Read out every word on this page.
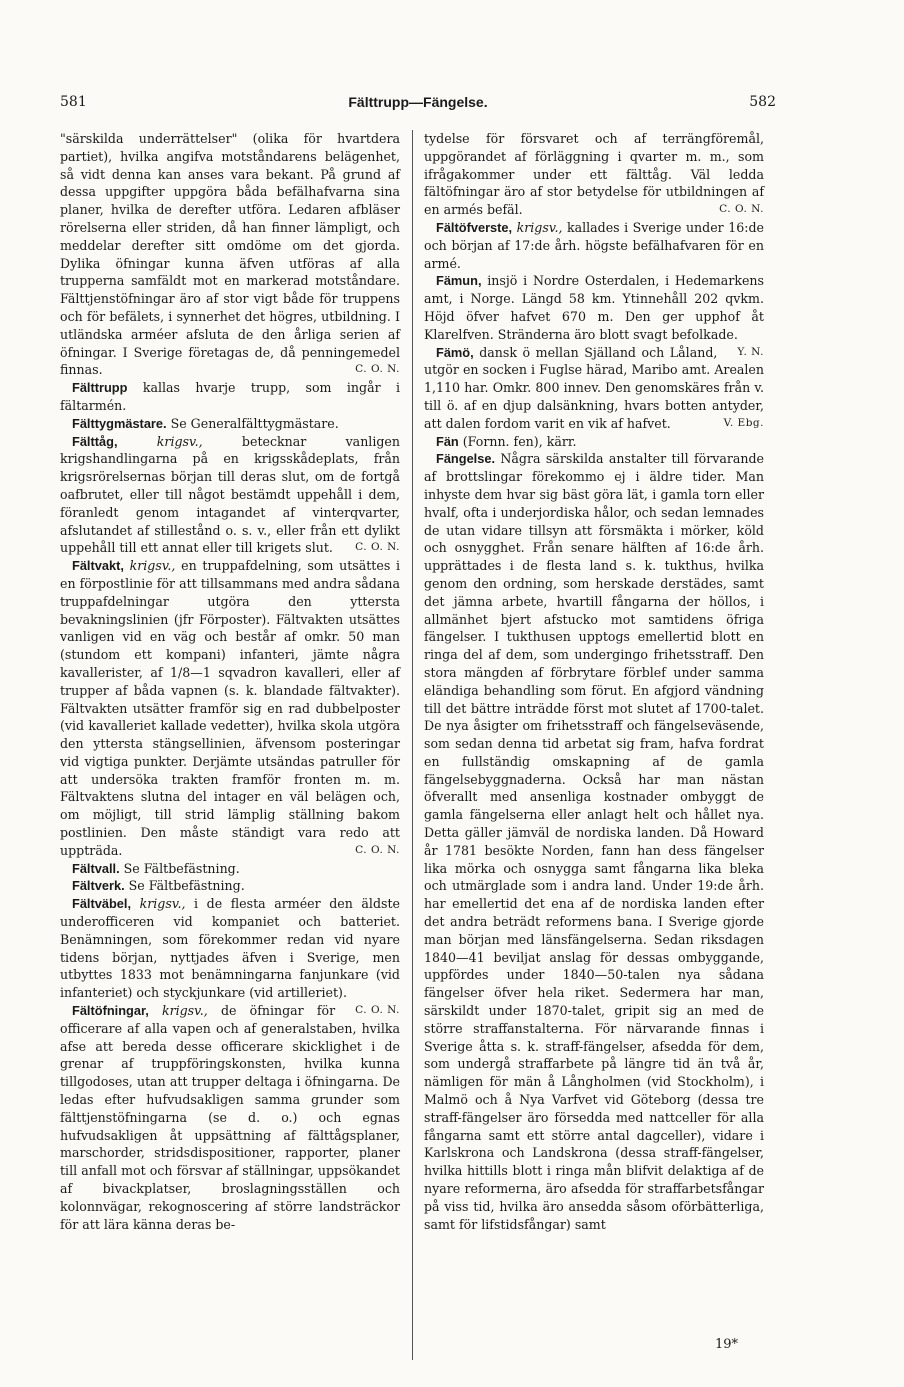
581	Fälttrupp—Fängelse.	582

"särskilda underrättelser" (olika för hvartdera partiet), hvilka angifva motståndarens belägenhet, så vidt denna kan anses vara bekant. På grund af dessa uppgifter uppgöra båda befälhafvarna sina planer, hvilka de derefter utföra. Ledaren afbläser rörelserna eller striden, då han finner lämpligt, och meddelar derefter sitt omdöme om det gjorda. Dylika öfningar kunna äfven utföras af alla trupperna samfäldt mot en markerad motståndare. Fälttjenstöfningar äro af stor vigt både för truppens och för befälets, i synnerhet det högres, utbildning. I utländska arméer afsluta de den årliga serien af öfningar. I Sverige företagas de, då penningemedel finnas.	C. O. N.

Fälttrupp kallas hvarje trupp, som ingår i fältarmén.

Fälttygmästare. Se Generalfälttygmästare.

Fälttåg, krigsv., betecknar vanligen krigshandlingarna på en krigsskådeplats, från krigsrörelsernas början till deras slut, om de fortgå oafbrutet, eller till något bestämdt uppehåll i dem, föranledt genom intagandet af vinterqvarter, afslutandet af stillestånd o. s. v., eller från ett dylikt uppehåll till ett annat eller till krigets slut.	C. O. N.

Fältvakt, krigsv., en truppafdelning, som utsättes i en förpostlinie för att tillsammans med andra sådana truppafdelningar utgöra den yttersta bevakningslinien (jfr Förposter). Fältvakten utsättes vanligen vid en väg och består af omkr. 50 man (stundom ett kompani) infanteri, jämte några kavallerister, af 1/8—1 sqvadron kavalleri, eller af trupper af båda vapnen (s. k. blandade fältvakter). Fältvakten utsätter framför sig en rad dubbelposter (vid kavalleriet kallade vedetter), hvilka skola utgöra den yttersta stängsellinien, äfvensom posteringar vid vigtiga punkter. Derjämte utsändas patruller för att undersöka trakten framför fronten m. m. Fältvaktens slutna del intager en väl belägen och, om möjligt, till strid lämplig ställning bakom postlinien. Den måste ständigt vara redo att uppträda.	C. O. N.

Fältvall. Se Fältbefästning.

Fältverk. Se Fältbefästning.

Fältväbel, krigsv., i de flesta arméer den äldste underofficeren vid kompaniet och batteriet. Benämningen, som förekommer redan vid nyare tidens början, nyttjades äfven i Sverige, men utbyttes 1833 mot benämningarna fanjunkare (vid infanteriet) och styckjunkare (vid artilleriet).
C. O. N.

Fältöfningar, krigsv., de öfningar för officerare af alla vapen och af generalstaben, hvilka afse att bereda desse officerare skicklighet i de grenar af truppföringskonsten, hvilka kunna tillgodoses, utan att trupper deltaga i öfningarna. De ledas efter hufvudsakligen samma grunder som fälttjenstöfningarna (se d. o.) och egnas hufvudsakligen åt uppsättning af fälttågsplaner, marschorder, stridsdispositioner, rapporter, planer till anfall mot och försvar af ställningar, uppsökandet af bivackplatser, broslagningsställen och kolonnvägar, rekognoscering af större landsträckor för att lära känna deras be-

tydelse för försvaret och af terrängföremål, uppgörandet af förläggning i qvarter m. m., som ifrågakommer under ett fälttåg. Väl ledda fältöfningar äro af stor betydelse för utbildningen af en armés befäl.	C. O. N.

Fältöfverste, krigsv., kallades i Sverige under 16:de och början af 17:de årh. högste befälhafvaren för en armé.

Fämun, insjö i Nordre Osterdalen, i Hedemarkens amt, i Norge. Längd 58 km. Ytinnehåll 202 qvkm. Höjd öfver hafvet 670 m. Den ger upphof åt Klarelfven. Stränderna äro blott svagt befolkade.
Y. N.

Fämö, dansk ö mellan Själland och Låland, utgör en socken i Fuglse härad, Maribo amt. Arealen 1,110 har. Omkr. 800 innev. Den genomskäres från v. till ö. af en djup dalsänkning, hvars botten antyder, att dalen fordom varit en vik af hafvet.	V. Ebg.

Fän (Fornn. fen), kärr.

Fängelse. Några särskilda anstalter till förvarande af brottslingar förekommo ej i äldre tider. Man inhyste dem hvar sig bäst göra lät, i gamla torn eller hvalf, ofta i underjordiska hålor, och sedan lemnades de utan vidare tillsyn att försmäkta i mörker, köld och osnygghet. Från senare hälften af 16:de årh. upprättades i de flesta land s. k. tukthus, hvilka genom den ordning, som herskade derstädes, samt det jämna arbete, hvartill fångarna der höllos, i allmänhet bjert afstucko mot samtidens öfriga fängelser. I tukthusen upptogs emellertid blott en ringa del af dem, som undergingo frihetsstraff. Den stora mängden af förbrytare förblef under samma eländiga behandling som förut. En afgjord vändning till det bättre inträdde först mot slutet af 1700-talet. De nya åsigter om frihetsstraff och fängelseväsende, som sedan denna tid arbetat sig fram, hafva fordrat en fullständig omskapning af de gamla fängelsebyggnaderna. Också har man nästan öfverallt med ansenliga kostnader ombyggt de gamla fängelserna eller anlagt helt och hållet nya. Detta gäller jämväl de nordiska landen. Då Howard år 1781 besökte Norden, fann han dess fängelser lika mörka och osnygga samt fångarna lika bleka och utmärglade som i andra land. Under 19:de årh. har emellertid det ena af de nordiska landen efter det andra beträdt reformens bana. I Sverige gjorde man början med länsfängelserna. Sedan riksdagen 1840—41 beviljat anslag för dessas ombyggande, uppfördes under 1840—50-talen nya sådana fängelser öfver hela riket. Sedermera har man, särskildt under 1870-talet, gripit sig an med de större straffanstalterna. För närvarande finnas i Sverige åtta s. k. straff-fängelser, afsedda för dem, som undergå straffarbete på längre tid än två år, nämligen för män å Långholmen (vid Stockholm), i Malmö och å Nya Varfvet vid Göteborg (dessa tre straff-fängelser äro försedda med nattceller för alla fångarna samt ett större antal dagceller), vidare i Karlskrona och Landskrona (dessa straff-fängelser, hvilka hittills blott i ringa mån blifvit delaktiga af de nyare reformerna, äro afsedda för straffarbetsfångar på viss tid, hvilka äro ansedda såsom oförbätterliga, samt för lifstidsfångar) samt

19*
